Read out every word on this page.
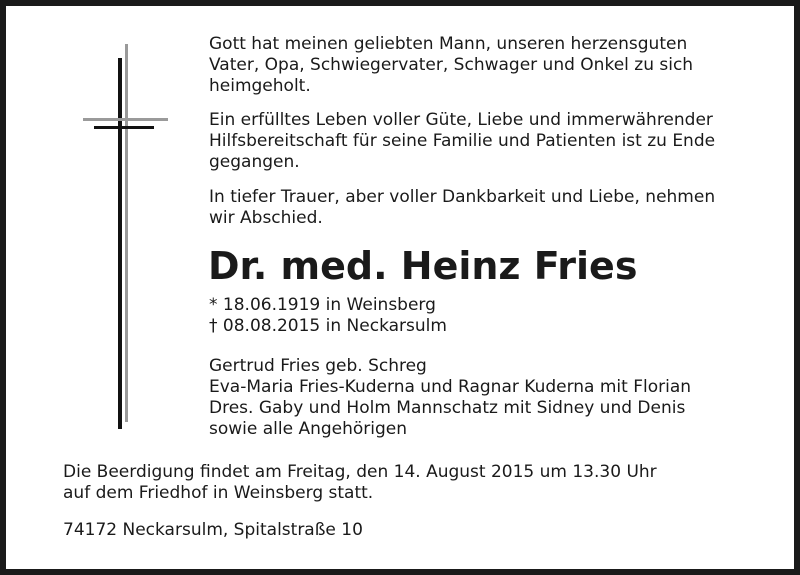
Gott hat meinen geliebten Mann, unseren herzensguten
Vater, Opa, Schwiegervater, Schwager und Onkel zu sich
heimgeholt.

Ein erfülltes Leben voller Güte, Liebe und immerwährender
Hilfsbereitschaft für seine Familie und Patienten ist zu Ende
gegangen.

In tiefer Trauer, aber voller Dankbarkeit und Liebe, nehmen
wir Abschied.

Dr. med. Heinz Fries

* 18.06.1919 in Weinsberg
† 08.08.2015 in Neckarsulm

Gertrud Fries geb. Schreg
Eva-Maria Fries-Kuderna und Ragnar Kuderna mit Florian
Dres. Gaby und Holm Mannschatz mit Sidney und Denis
sowie alle Angehörigen

Die Beerdigung findet am Freitag, den 14. August 2015 um 13.30 Uhr
auf dem Friedhof in Weinsberg statt.

74172 Neckarsulm, Spitalstraße 10
